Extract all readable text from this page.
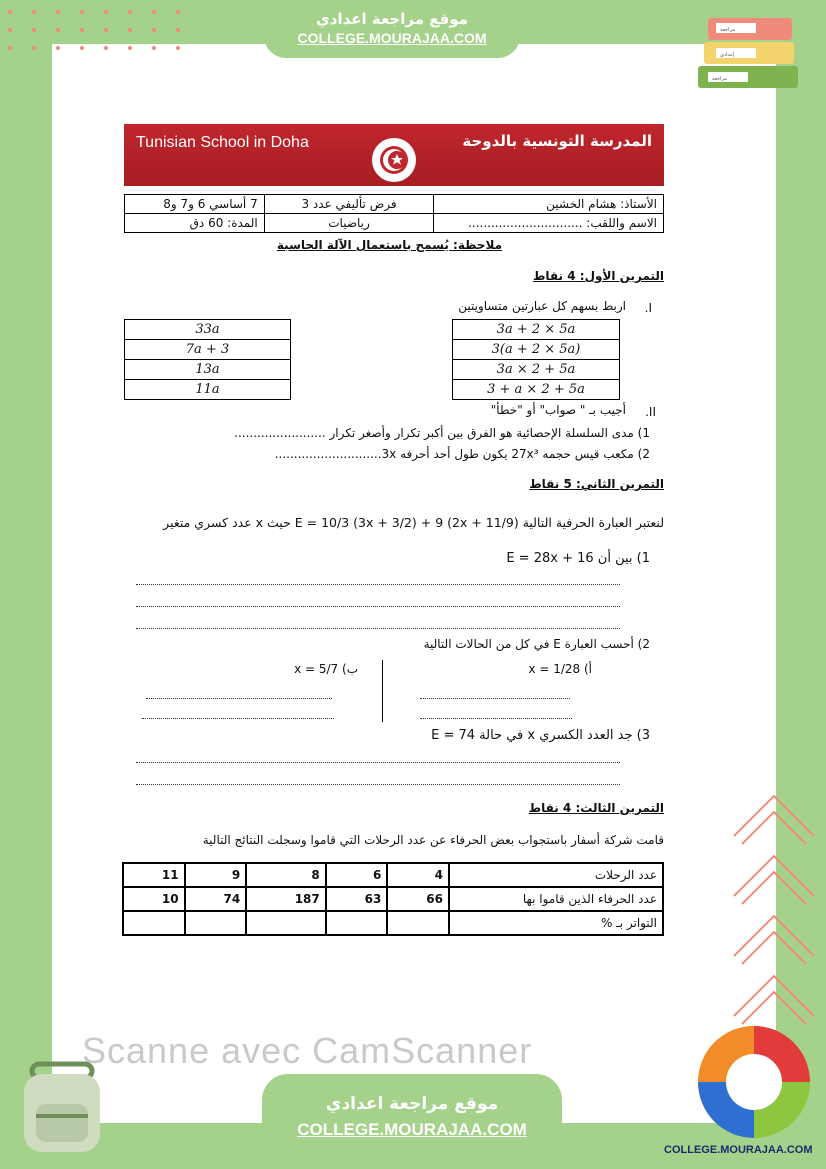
موقع مراجعة اعدادي
COLLEGE.MOURAJAA.COM	مراجعة
إعدادي
مراجعة
Tunisian School in Doha	المدرسة التونسية بالدوحة
الأستاذ: هشام الخشين	فرض تأليفي عدد 3	7 أساسي 6 و7 و8
الاسم واللقب: ..............................	رياضيات	المدة: 60 دق
ملاحظة: يُسمح باستعمال الآلة الحاسبة
التمرين الأول: 4 نقاط
I.
اربط بسهم كل عبارتين متساويتين
33a
7a + 3
13a
11a
3a + 2 × 5a
3(a + 2 × 5a)
3a × 2 + 5a
3 + a × 2 + 5a
II.
أجيب بـ " صواب" أو "خطأ"
1) مدى السلسلة الإحصائية هو الفرق بين أكبر تكرار وأصغر تكرار ........................
2) مكعب قيس حجمه 27x³ يكون طول أحد أحرفه 3x............................
التمرين الثاني: 5 نقاط
لنعتبر العبارة الحرفية التالية E = 10/3 (3x + 3/2) + 9 (2x + 11/9) حيث x عدد كسري متغير
1) بين أن E = 28x + 16
2) أحسب العبارة E في كل من الحالات التالية
أ) x = 1/28
ب) x = 5/7
3) جد العدد الكسري x في حالة E = 74
التمرين الثالث: 4 نقاط
قامت شركة أسفار باستجواب بعض الحرفاء عن عدد الرحلات التي قاموا وسجلت النتائج التالية
11	9	8	6	4	عدد الرحلات
10	74	187	63	66	عدد الحرفاء الذين قاموا بها
					التواتر بـ %
Scanne avec CamScanner
موقع مراجعة اعدادي
COLLEGE.MOURAJAA.COM
COLLEGE.MOURAJAA.COM
